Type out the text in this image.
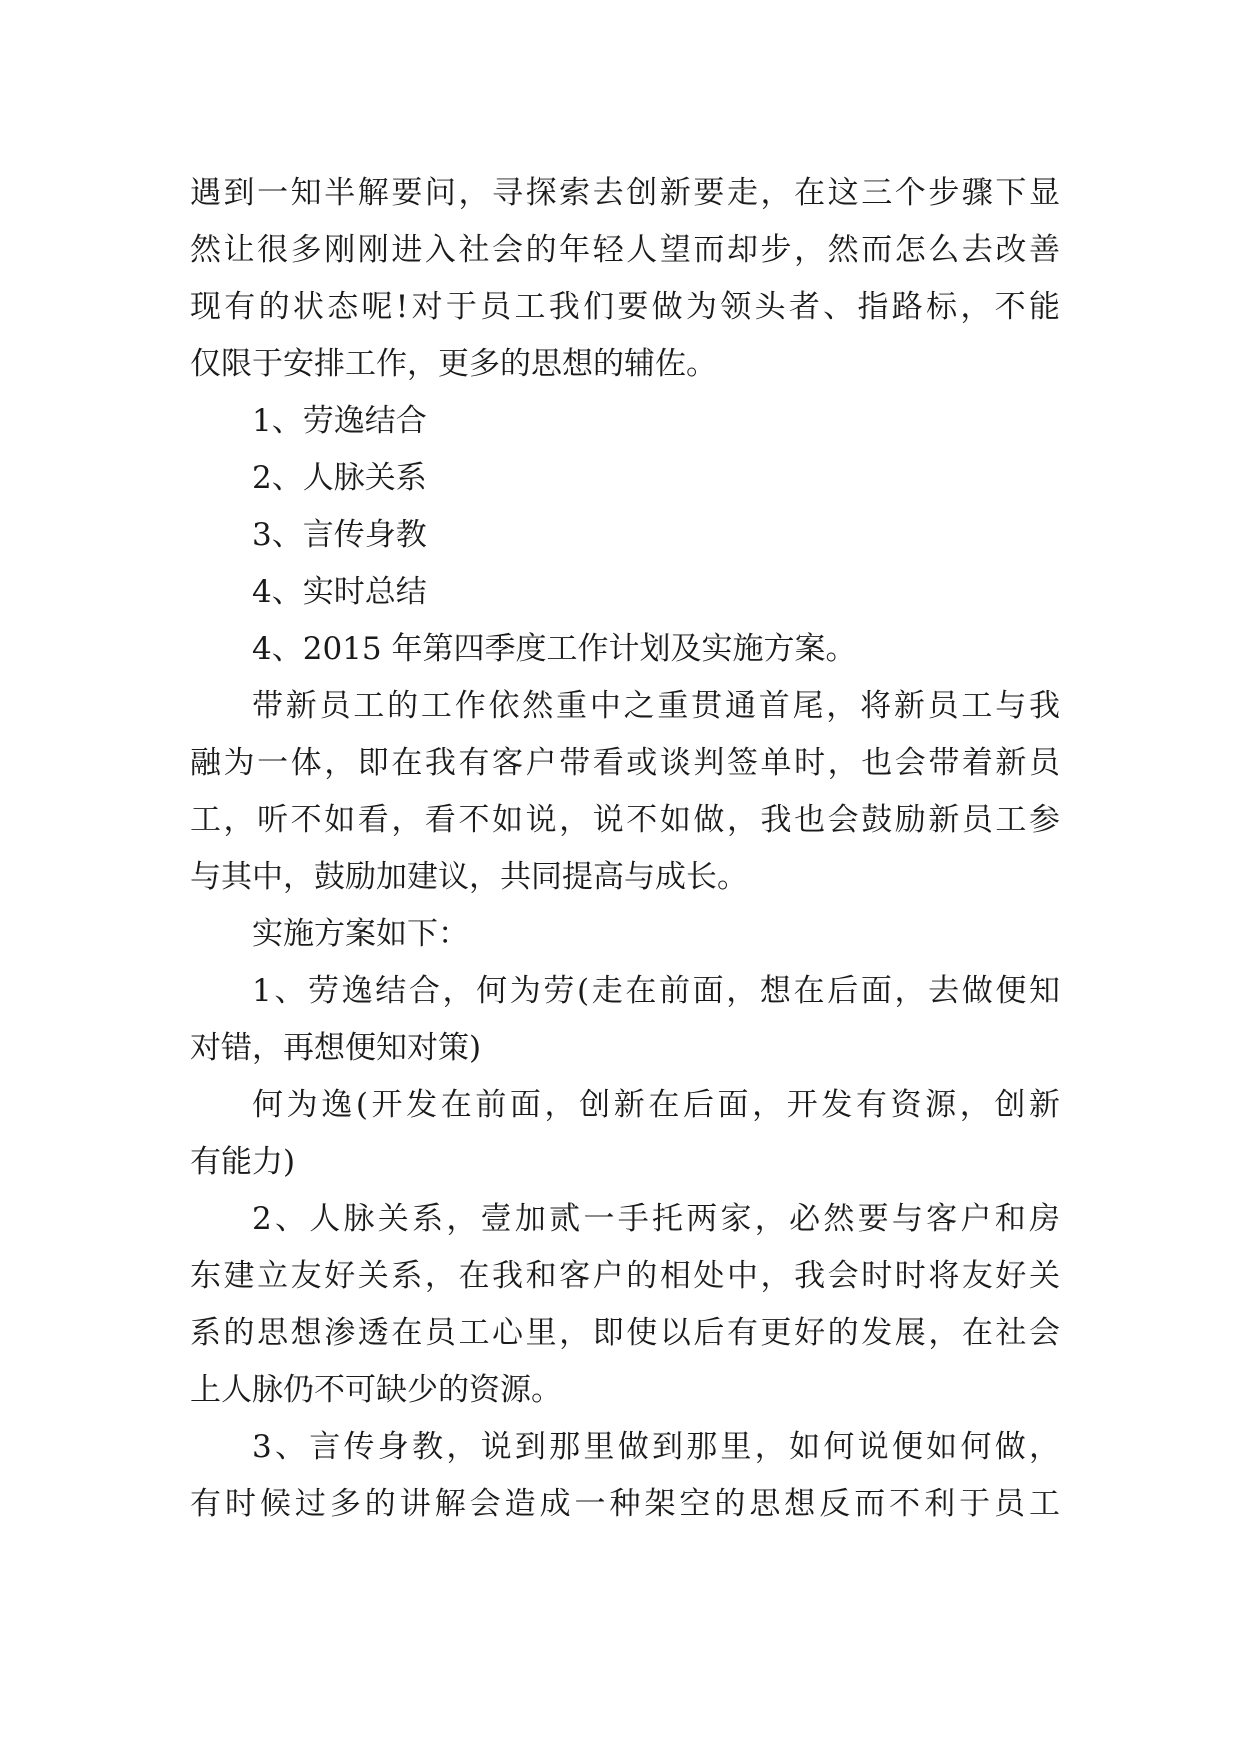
遇到一知半解要问，寻探索去创新要走，在这三个步骤下显
然让很多刚刚进入社会的年轻人望而却步，然而怎么去改善
现有的状态呢!对于员工我们要做为领头者、指路标，不能
仅限于安排工作，更多的思想的辅佐。
1、劳逸结合
2、人脉关系
3、言传身教
4、实时总结
4、2015 年第四季度工作计划及实施方案。
带新员工的工作依然重中之重贯通首尾，将新员工与我
融为一体，即在我有客户带看或谈判签单时，也会带着新员
工，听不如看，看不如说，说不如做，我也会鼓励新员工参
与其中，鼓励加建议，共同提高与成长。
实施方案如下：
1、劳逸结合，何为劳(走在前面，想在后面，去做便知
对错，再想便知对策)
何为逸(开发在前面，创新在后面，开发有资源，创新
有能力)
2、人脉关系，壹加贰一手托两家，必然要与客户和房
东建立友好关系，在我和客户的相处中，我会时时将友好关
系的思想渗透在员工心里，即使以后有更好的发展，在社会
上人脉仍不可缺少的资源。
3、言传身教，说到那里做到那里，如何说便如何做，
有时候过多的讲解会造成一种架空的思想反而不利于员工
